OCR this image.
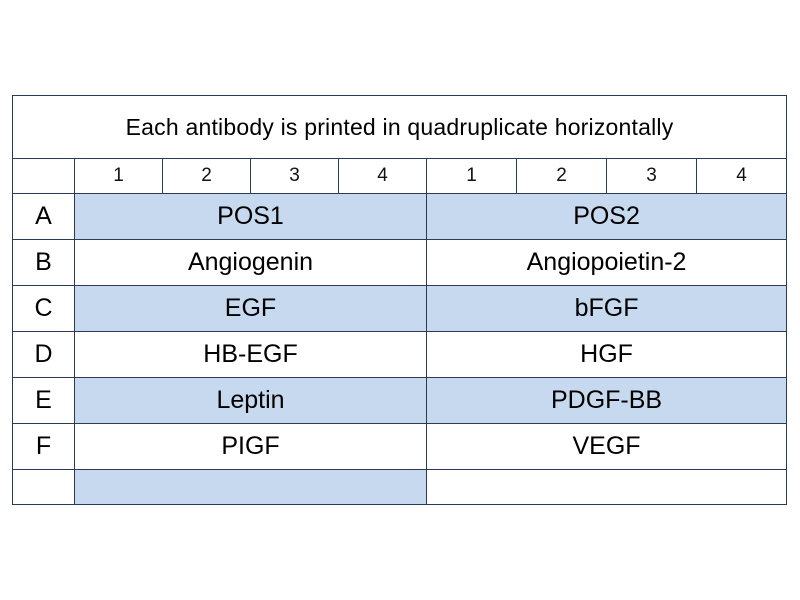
Each antibody is printed in quadruplicate horizontally								
	1	2	3	4	1	2	3	4
A	POS1				POS2			
B	Angiogenin				Angiopoietin-2			
C	EGF				bFGF			
D	HB-EGF				HGF			
E	Leptin				PDGF-BB			
F	PIGF				VEGF			
